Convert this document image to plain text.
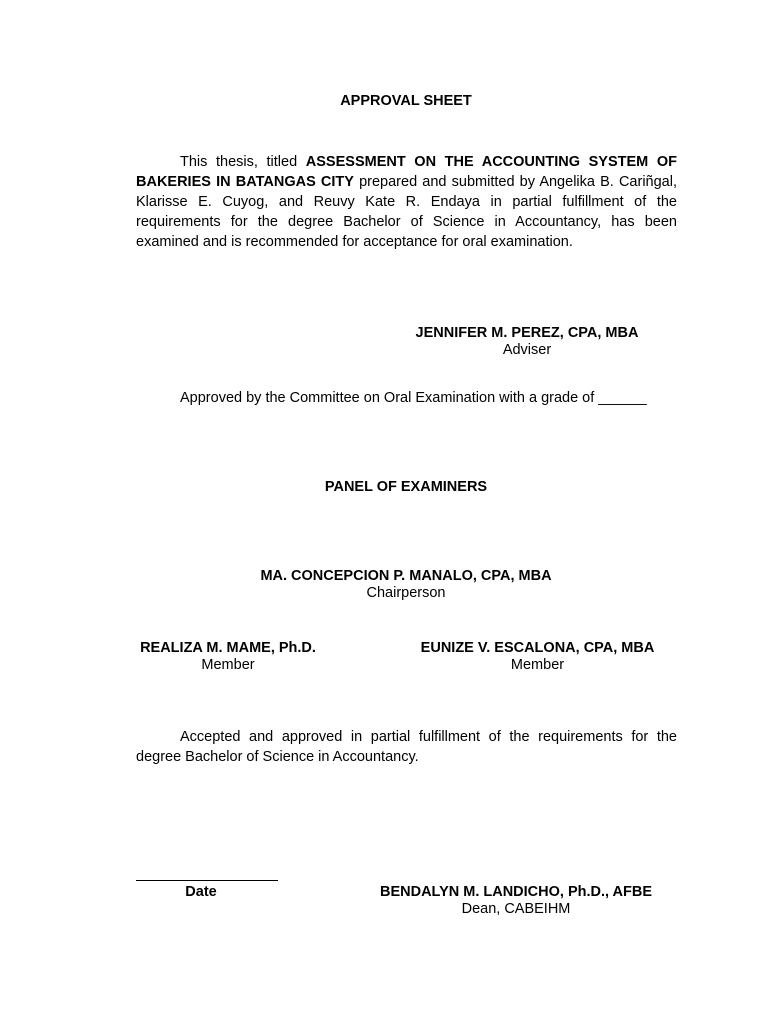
APPROVAL SHEET

This thesis, titled ASSESSMENT ON THE ACCOUNTING SYSTEM OF BAKERIES IN BATANGAS CITY prepared and submitted by Angelika B. Cariñgal, Klarisse E. Cuyog, and Reuvy Kate R. Endaya in partial fulfillment of the requirements for the degree Bachelor of Science in Accountancy, has been examined and is recommended for acceptance for oral examination.

JENNIFER M. PEREZ, CPA, MBA
Adviser
Approved by the Committee on Oral Examination with a grade of ______
PANEL OF EXAMINERS
MA. CONCEPCION P. MANALO, CPA, MBA
Chairperson
REALIZA M. MAME, Ph.D.
Member
EUNIZE V. ESCALONA, CPA, MBA
Member

Accepted and approved in partial fulfillment of the requirements for the degree Bachelor of Science in Accountancy.

Date	BENDALYN M. LANDICHO, Ph.D., AFBE
Dean, CABEIHM
